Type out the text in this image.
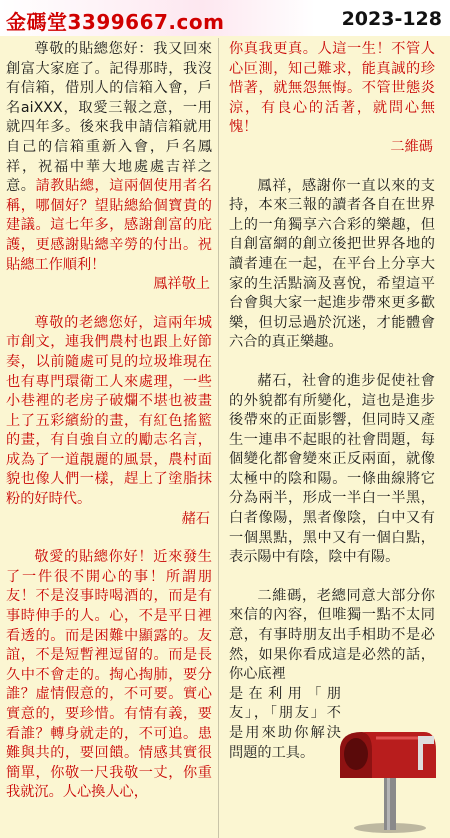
金碼堂3399667.com	2023-128

尊敬的貼總您好：我又回來創富大家庭了。記得那時，我沒有信箱，借別人的信箱入會，戶名aiXXX，取愛三報之意，一用就四年多。後來我申請信箱就用自己的信箱重新入會，戶名鳳祥，祝福中華大地處處吉祥之意。請教貼總，這兩個使用者名稱，哪個好？望貼總給個寶貴的建議。這七年多，感謝創富的庇護，更感謝貼總辛勞的付出。祝貼總工作順利！

鳳祥敬上

尊敬的老總您好，這兩年城市創文，連我們農村也跟上好節奏，以前隨處可見的垃圾堆現在也有專門環衛工人來處理，一些小巷裡的老房子破爛不堪也被畫上了五彩繽紛的畫，有紅色搖籃的畫，有自強自立的勵志名言，成為了一道靚麗的風景，農村面貌也像人們一樣，趕上了塗脂抹粉的好時代。

赭石

敬愛的貼總你好！近來發生了一件很不開心的事！所謂朋友！不是沒事時喝酒的，而是有事時伸手的人。心，不是平日裡看透的。而是困難中顯露的。友誼，不是短暫裡逗留的。而是長久中不會走的。掏心掏肺，要分誰？虛情假意的，不可要。實心實意的，要珍惜。有情有義，要看誰？轉身就走的，不可追。患難與共的，要回饋。情感其實很簡單，你敬一尺我敬一丈，你重我就沉。人心換人心，

你真我更真。人這一生！不管人心叵測，知己難求，能真誠的珍惜著，就無怨無悔。不管世態炎涼，有良心的活著，就問心無愧！

二維碼

鳳祥，感謝你一直以來的支持，本來三報的讀者各自在世界上的一角獨享六合彩的樂趣，但自創富網的創立後把世界各地的讀者連在一起，在平台上分享大家的生活點滴及喜悅，希望這平台會與大家一起進步帶來更多歡樂，但切忌過於沉迷，才能體會六合的真正樂趣。

赭石，社會的進步促使社會的外貌都有所變化，這也是進步後帶來的正面影響，但同時又產生一連串不起眼的社會問題，每個變化都會變來正反兩面，就像太極中的陰和陽。一條曲線將它分為兩半，形成一半白一半黑，白者像陽，黑者像陰，白中又有一個黑點，黑中又有一個白點，表示陽中有陰，陰中有陽。

二維碼，老總同意大部分你來信的內容，但唯獨一點不太同意，有事時朋友出手相助不是必然，如果你看成這是必然的話，你心底裡

是在利用「朋友」，「朋友」不是用來助你解決問題的工具。
